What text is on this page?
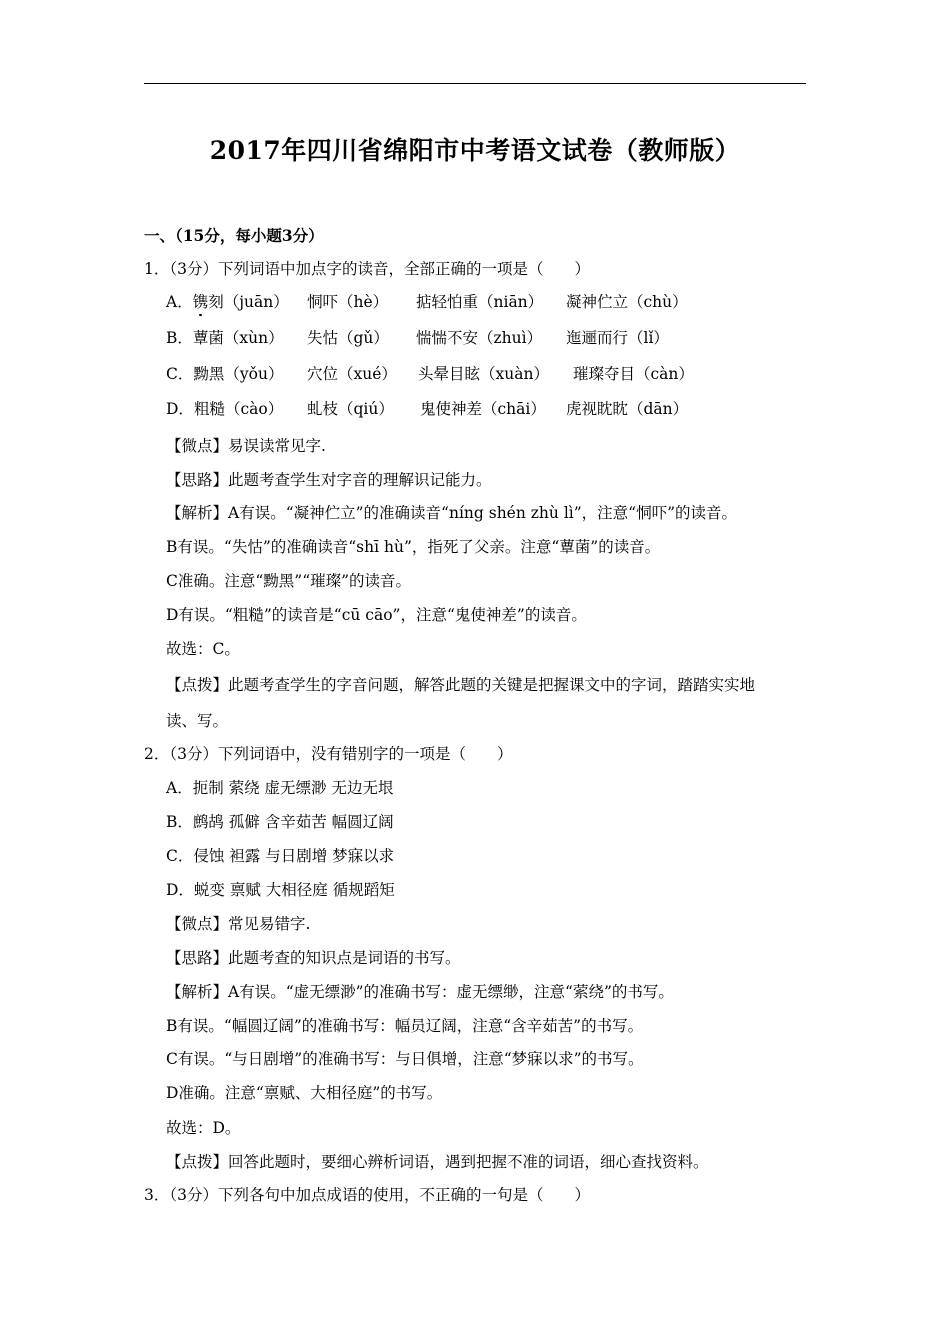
2017年四川省绵阳市中考语文试卷（教师版）
一、（15分，每小题3分）
1．（3分）下列词语中加点字的读音，全部正确的一项是（　　）
A．镌刻（juān） 恫吓（hè） 掂轻怕重（niān） 凝神伫立（chù）
B．蕈菌（xùn） 失怙（gǔ） 惴惴不安（zhuì） 迤逦而行（lǐ）
C．黝黑（yǒu） 穴位（xué） 头晕目眩（xuàn） 璀璨夺目（càn）
D．粗糙（cào） 虬枝（qiú） 鬼使神差（chāi） 虎视眈眈（dān）
【微点】易误读常见字.
【思路】此题考查学生对字音的理解识记能力。
【解析】A有误。“凝神伫立”的准确读音“níng shén zhù lì”，注意“恫吓”的读音。
B有误。“失怙”的准确读音“shī hù”，指死了父亲。注意“蕈菌”的读音。
C准确。注意“黝黑”“璀璨”的读音。
D有误。“粗糙”的读音是“cū cāo”，注意“鬼使神差”的读音。
故选：C。
【点拨】此题考查学生的字音问题，解答此题的关键是把握课文中的字词，踏踏实实地
读、写。
2．（3分）下列词语中，没有错别字的一项是（　　）
A．扼制 萦绕 虚无缥渺 无边无垠
B．鹧鸪 孤僻 含辛茹苦 幅圆辽阔
C．侵蚀 袒露 与日剧增 梦寐以求
D．蜕变 禀赋 大相径庭 循规蹈矩
【微点】常见易错字.
【思路】此题考查的知识点是词语的书写。
【解析】A有误。“虚无缥渺”的准确书写：虚无缥缈，注意“萦绕”的书写。
B有误。“幅圆辽阔”的准确书写：幅员辽阔，注意“含辛茹苦”的书写。
C有误。“与日剧增”的准确书写：与日俱增，注意“梦寐以求”的书写。
D准确。注意“禀赋、大相径庭”的书写。
故选：D。
【点拨】回答此题时，要细心辨析词语，遇到把握不准的词语，细心查找资料。
3．（3分）下列各句中加点成语的使用，不正确的一句是（　　）
